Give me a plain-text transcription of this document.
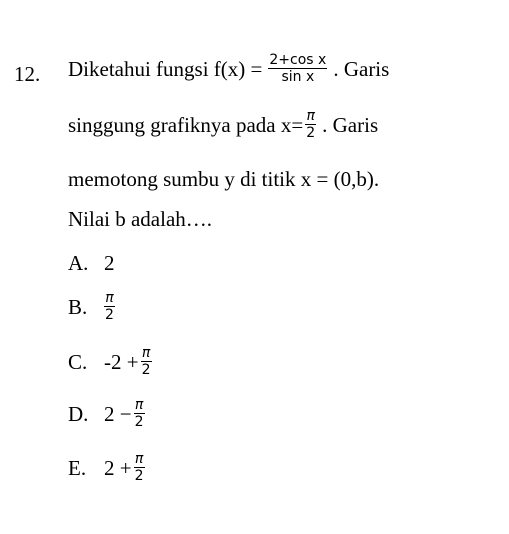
12. Diketahui fungsi $f(x) = \frac{\text{2+cos x}}{\text{sin x}}$ . Garis
singgung grafiknya pada $x= \frac{\pi}{2}$ . Garis
memotong sumbu y di titik x = (0,b).
Nilai b adalah….
A. 2
B.	$\frac{\pi}{2}$
C. $-2 + \frac{\pi}{2}$
D. $2 - \frac{\pi}{2}$
E. $2 + \frac{\pi}{2}$
